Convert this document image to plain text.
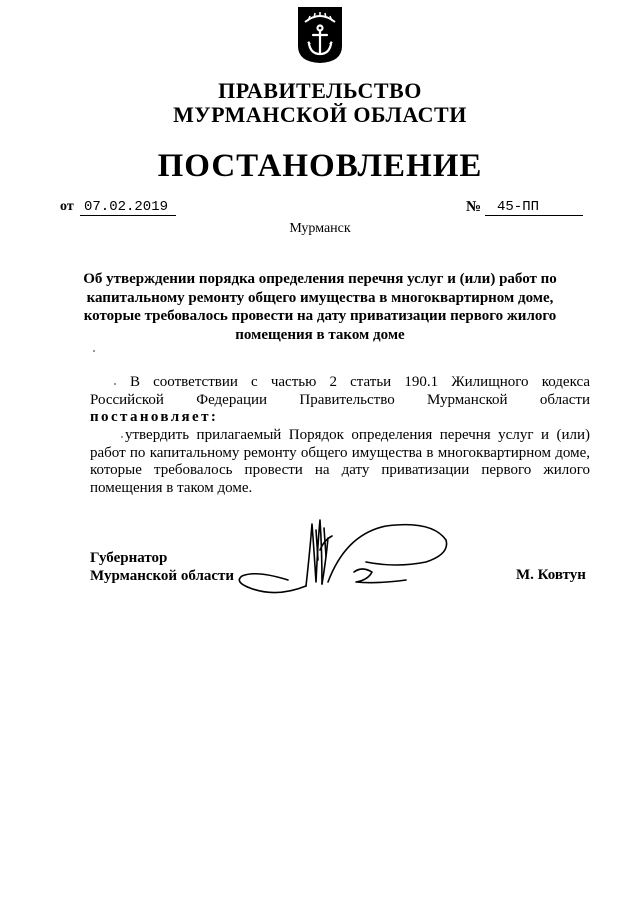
ПРАВИТЕЛЬСТВО
МУРМАНСКОЙ ОБЛАСТИ
ПОСТАНОВЛЕНИЕ
от 07.02.2019	№	45-ПП
Мурманск
Об утверждении порядка определения перечня услуг и (или) работ по капитальному ремонту общего имущества в многоквартирном доме, которые требовалось провести на дату приватизации первого жилого помещения в таком доме
В соответствии с частью 2 статьи 190.1 Жилищного кодекса Российской Федерации Правительство Мурманской области
постановляет:
утвердить прилагаемый Порядок определения перечня услуг и (или) работ по капитальному ремонту общего имущества в многоквартирном доме, которые требовалось провести на дату приватизации первого жилого помещения в таком доме.
Губернатор
Мурманской области	М. Ковтун
